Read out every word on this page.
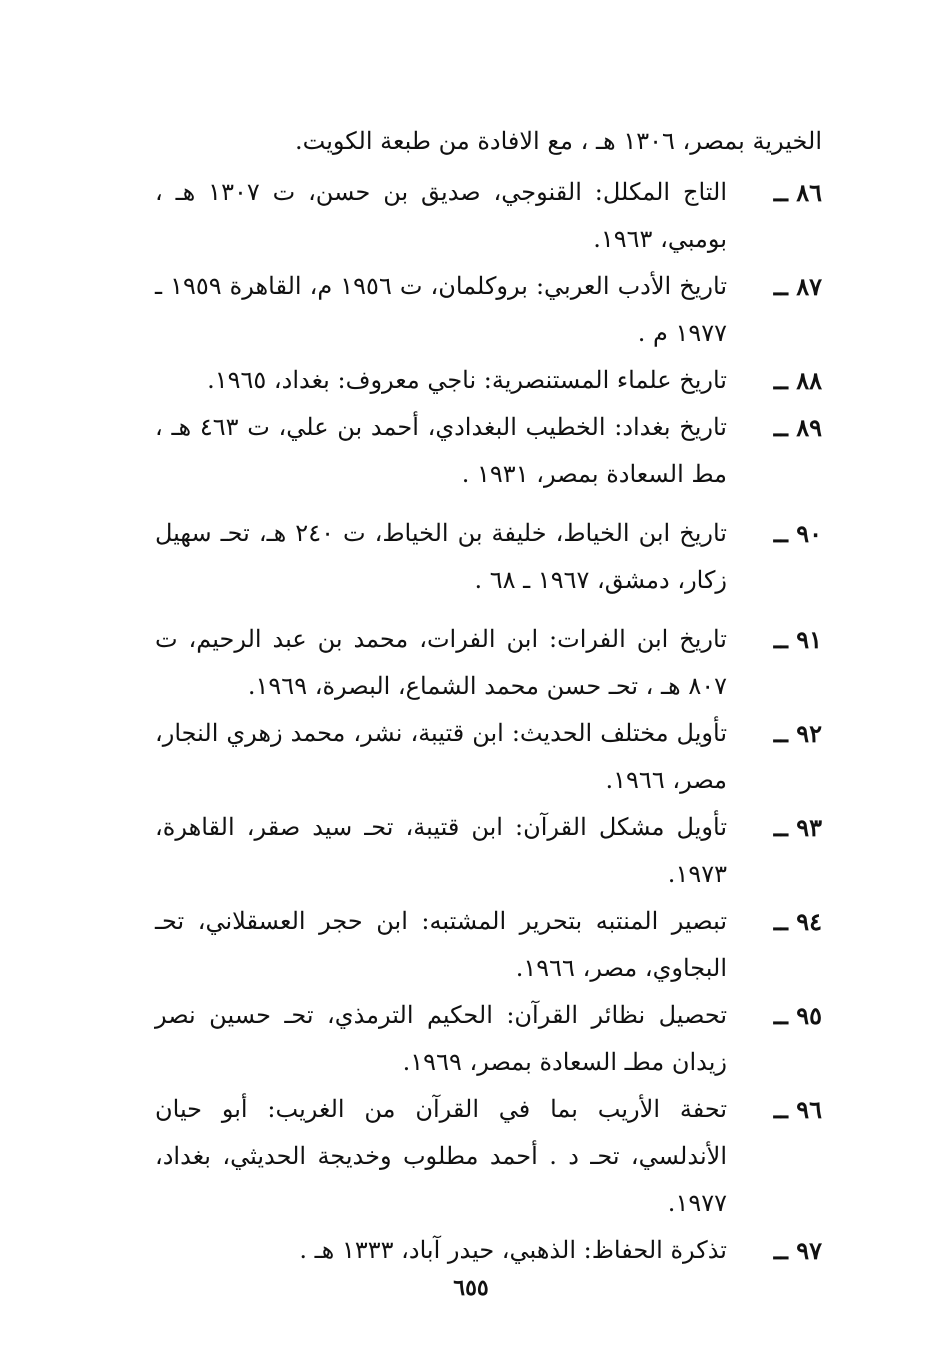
الخيرية بمصر، ١٣٠٦ هـ ، مع الافادة من طبعة الكويت.

٨٦ ــ
التاج المكلل: القنوجي، صديق بن حسن، ت ١٣٠٧ هـ ، بومبي، ١٩٦٣.

٨٧ ــ
تاريخ الأدب العربي: بروكلمان، ت ١٩٥٦ م، القاهرة ١٩٥٩ ـ ١٩٧٧ م .

٨٨ ــ
تاريخ علماء المستنصرية: ناجي معروف: بغداد، ١٩٦٥.

٨٩ ــ
تاريخ بغداد: الخطيب البغدادي، أحمد بن علي، ت ٤٦٣ هـ ، مط السعادة بمصر، ١٩٣١ .

٩٠ ــ
تاريخ ابن الخياط، خليفة بن الخياط، ت ٢٤٠ هـ، تحـ سهيل زكار، دمشق، ١٩٦٧ ـ ٦٨ .

٩١ ــ
تاريخ ابن الفرات: ابن الفرات، محمد بن عبد الرحيم، ت ٨٠٧ هـ ، تحـ حسن محمد الشماع، البصرة، ١٩٦٩.

٩٢ ــ
تأويل مختلف الحديث: ابن قتيبة، نشر، محمد زهري النجار، مصر، ١٩٦٦.

٩٣ ــ
تأويل مشكل القرآن: ابن قتيبة، تحـ سيد صقر، القاهرة، ١٩٧٣.

٩٤ ــ
تبصير المنتبه بتحرير المشتبه: ابن حجر العسقلاني، تحـ البجاوي، مصر، ١٩٦٦.

٩٥ ــ
تحصيل نظائر القرآن: الحكيم الترمذي، تحـ حسين نصر زيدان مطـ السعادة بمصر، ١٩٦٩.

٩٦ ــ
تحفة الأريب بما في القرآن من الغريب: أبو حيان الأندلسي، تحـ د . أحمد مطلوب وخديجة الحديثي، بغداد، ١٩٧٧.

٩٧ ــ
تذكرة الحفاظ: الذهبي، حيدر آباد، ١٣٣٣ هـ .

٦٥٥
